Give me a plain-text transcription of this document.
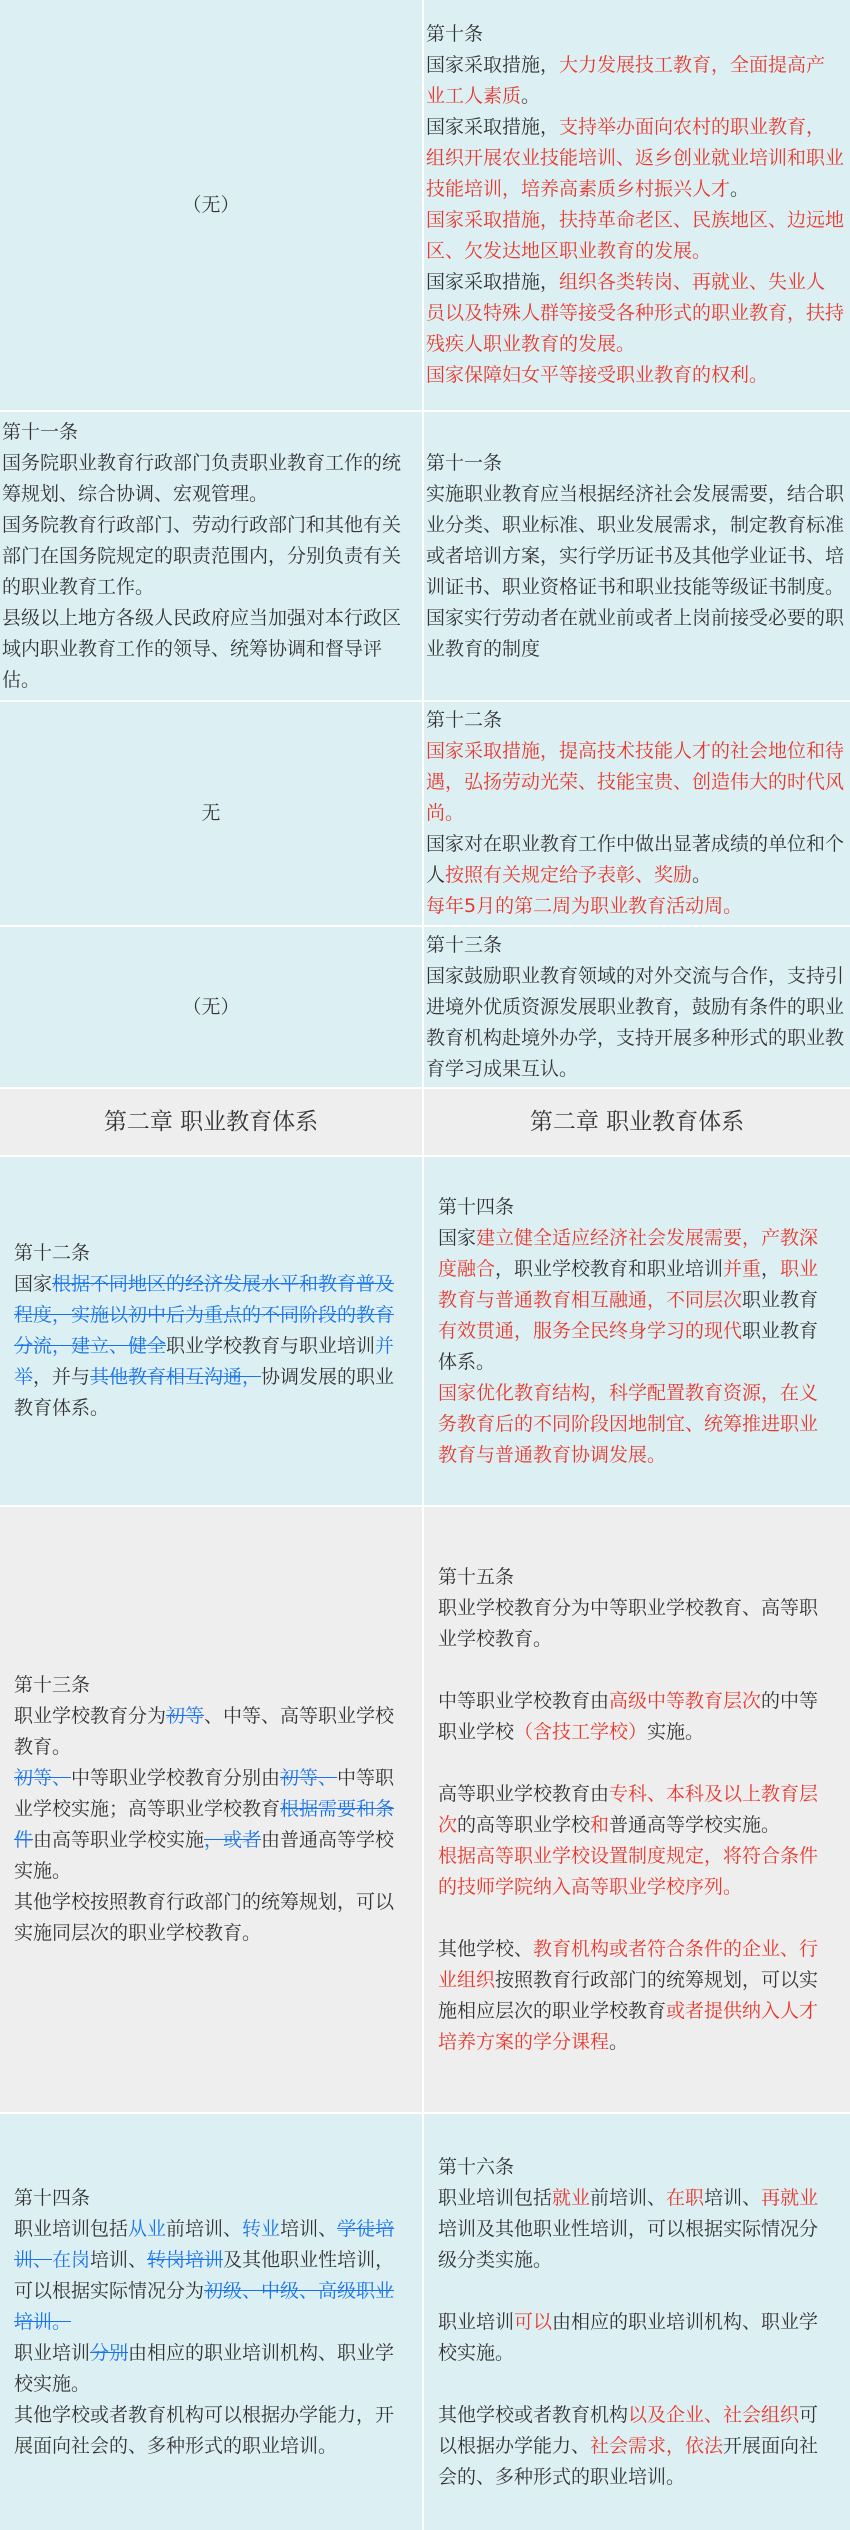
（无）

第十条

国家采取措施，大力发展技工教育，全面提高产业工人素质。

国家采取措施，支持举办面向农村的职业教育，组织开展农业技能培训、返乡创业就业培训和职业技能培训，培养高素质乡村振兴人才。

国家采取措施，扶持革命老区、民族地区、边远地区、欠发达地区职业教育的发展。

国家采取措施，组织各类转岗、再就业、失业人员以及特殊人群等接受各种形式的职业教育，扶持残疾人职业教育的发展。

国家保障妇女平等接受职业教育的权利。

第十一条

国务院职业教育行政部门负责职业教育工作的统筹规划、综合协调、宏观管理。

国务院教育行政部门、劳动行政部门和其他有关部门在国务院规定的职责范围内，分别负责有关的职业教育工作。

县级以上地方各级人民政府应当加强对本行政区域内职业教育工作的领导、统筹协调和督导评估。

第十一条

实施职业教育应当根据经济社会发展需要，结合职业分类、职业标准、职业发展需求，制定教育标准或者培训方案，实行学历证书及其他学业证书、培训证书、职业资格证书和职业技能等级证书制度。

国家实行劳动者在就业前或者上岗前接受必要的职业教育的制度

无

第十二条

国家采取措施，提高技术技能人才的社会地位和待遇，弘扬劳动光荣、技能宝贵、创造伟大的时代风尚。

国家对在职业教育工作中做出显著成绩的单位和个人按照有关规定给予表彰、奖励。

每年5月的第二周为职业教育活动周。

（无）

第十三条

国家鼓励职业教育领域的对外交流与合作，支持引进境外优质资源发展职业教育，鼓励有条件的职业教育机构赴境外办学，支持开展多种形式的职业教育学习成果互认。

第二章 职业教育体系	第二章 职业教育体系

第十二条

国家根据不同地区的经济发展水平和教育普及程度，实施以初中后为重点的不同阶段的教育分流，建立、健全职业学校教育与职业培训并举，并与其他教育相互沟通，协调发展的职业教育体系。

第十四条

国家建立健全适应经济社会发展需要，产教深度融合，职业学校教育和职业培训并重，职业教育与普通教育相互融通，不同层次职业教育有效贯通，服务全民终身学习的现代职业教育体系。

国家优化教育结构，科学配置教育资源，在义务教育后的不同阶段因地制宜、统筹推进职业教育与普通教育协调发展。

第十三条

职业学校教育分为初等、中等、高等职业学校教育。

初等、中等职业学校教育分别由初等、中等职业学校实施；高等职业学校教育根据需要和条件由高等职业学校实施，或者由普通高等学校实施。

其他学校按照教育行政部门的统筹规划，可以实施同层次的职业学校教育。

第十五条

职业学校教育分为中等职业学校教育、高等职业学校教育。

中等职业学校教育由高级中等教育层次的中等职业学校（含技工学校）实施。

高等职业学校教育由专科、本科及以上教育层次的高等职业学校和普通高等学校实施。

根据高等职业学校设置制度规定，将符合条件的技师学院纳入高等职业学校序列。

其他学校、教育机构或者符合条件的企业、行业组织按照教育行政部门的统筹规划，可以实施相应层次的职业学校教育或者提供纳入人才培养方案的学分课程。

第十四条

职业培训包括从业前培训、转业培训、学徒培训、在岗培训、转岗培训及其他职业性培训，可以根据实际情况分为初级、中级、高级职业培训。

职业培训分别由相应的职业培训机构、职业学校实施。

其他学校或者教育机构可以根据办学能力，开展面向社会的、多种形式的职业培训。

第十六条

职业培训包括就业前培训、在职培训、再就业培训及其他职业性培训，可以根据实际情况分级分类实施。

职业培训可以由相应的职业培训机构、职业学校实施。

其他学校或者教育机构以及企业、社会组织可以根据办学能力、社会需求，依法开展面向社会的、多种形式的职业培训。
